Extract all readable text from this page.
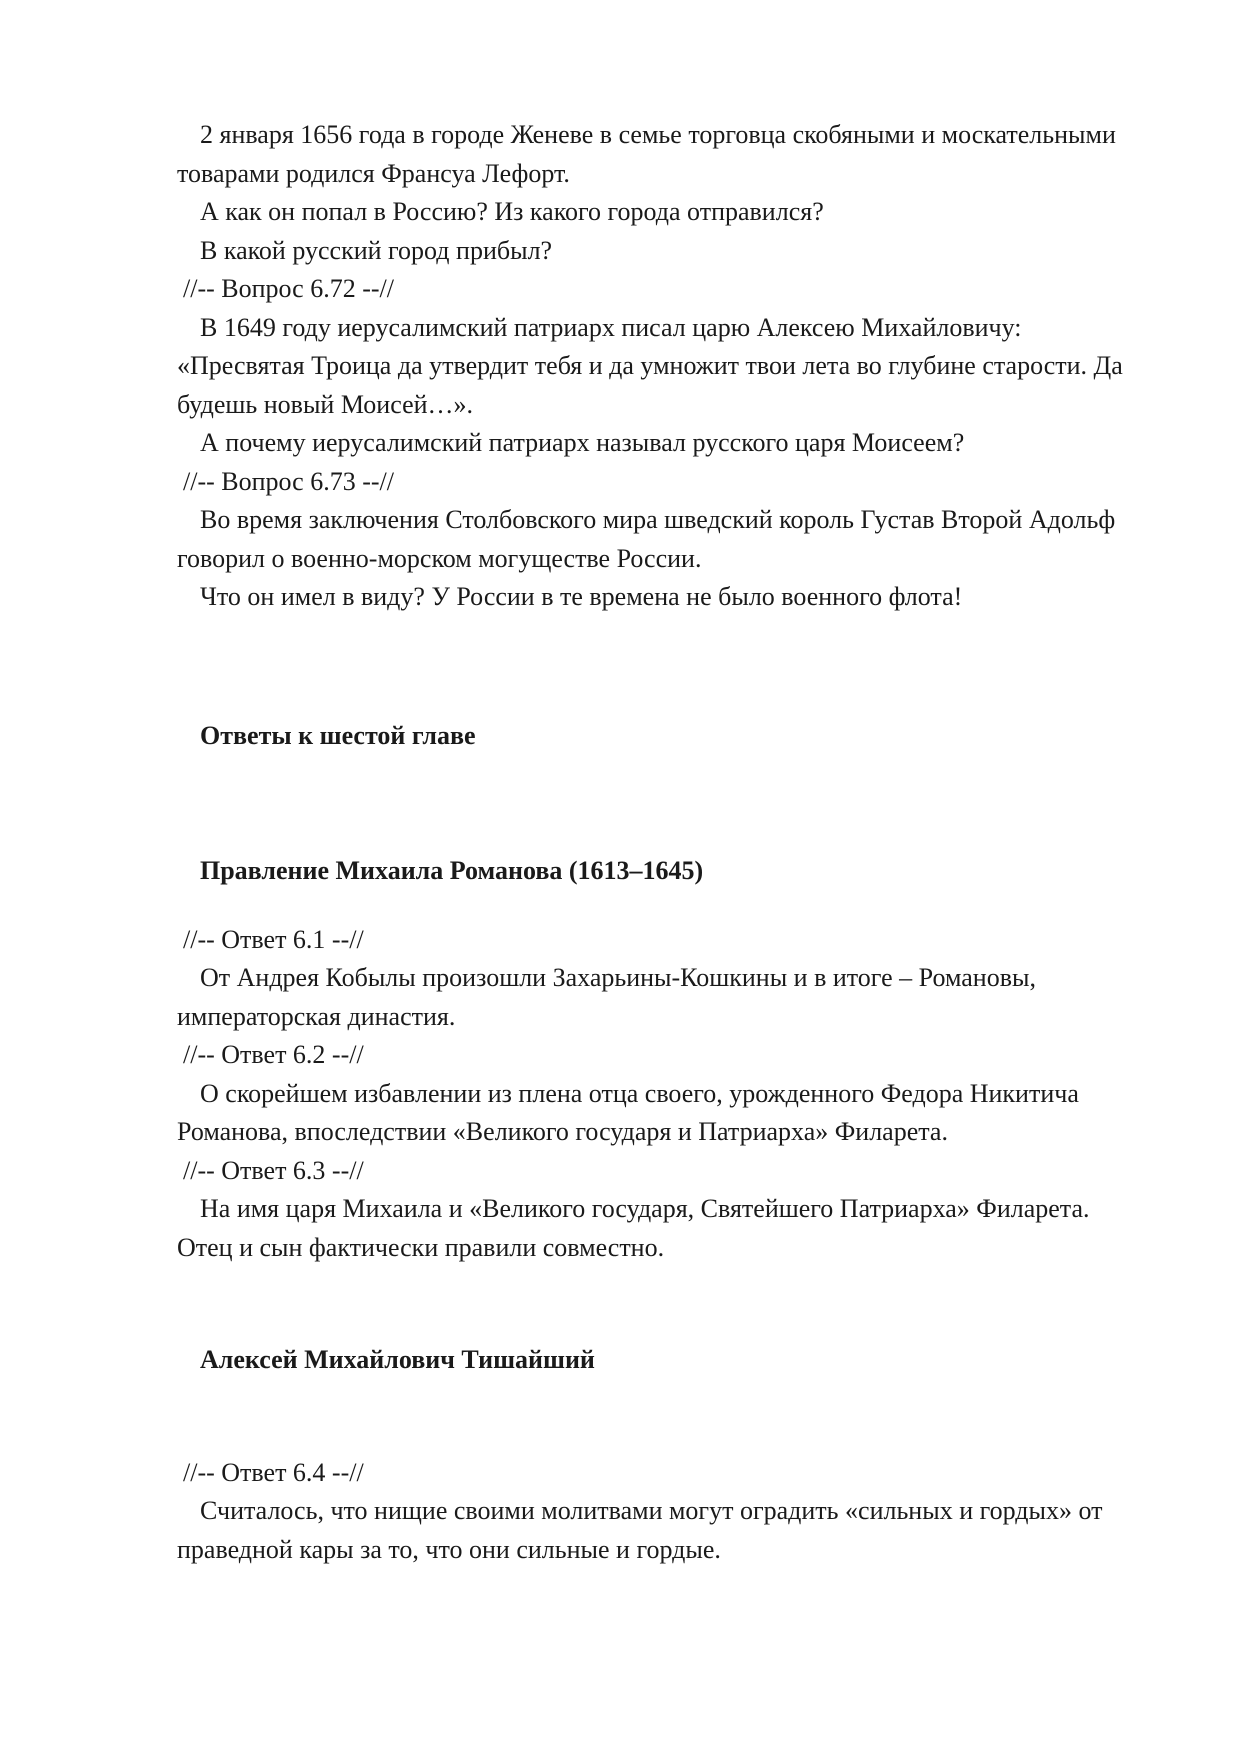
2 января 1656 года в городе Женеве в семье торговца скобяными и москательными товарами родился Франсуа Лефорт.

А как он попал в Россию? Из какого города отправился?

В какой русский город прибыл?

//-- Вопрос 6.72 --//

В 1649 году иерусалимский патриарх писал царю Алексею Михайловичу: «Пресвятая Троица да утвердит тебя и да умножит твои лета во глубине старости. Да будешь новый Моисей…».

А почему иерусалимский патриарх называл русского царя Моисеем?

//-- Вопрос 6.73 --//

Во время заключения Столбовского мира шведский король Густав Второй Адольф говорил о военно-морском могуществе России.

Что он имел в виду? У России в те времена не было военного флота!

Ответы к шестой главе
Правление Михаила Романова (1613–1645)

//-- Ответ 6.1 --//

От Андрея Кобылы произошли Захарьины-Кошкины и в итоге – Романовы, императорская династия.

//-- Ответ 6.2 --//

О скорейшем избавлении из плена отца своего, урожденного Федора Никитича Романова, впоследствии «Великого государя и Патриарха» Филарета.

//-- Ответ 6.3 --//

На имя царя Михаила и «Великого государя, Святейшего Патриарха» Филарета. Отец и сын фактически правили совместно.

Алексей Михайлович Тишайший

//-- Ответ 6.4 --//

Считалось, что нищие своими молитвами могут оградить «сильных и гордых» от праведной кары за то, что они сильные и гордые.
